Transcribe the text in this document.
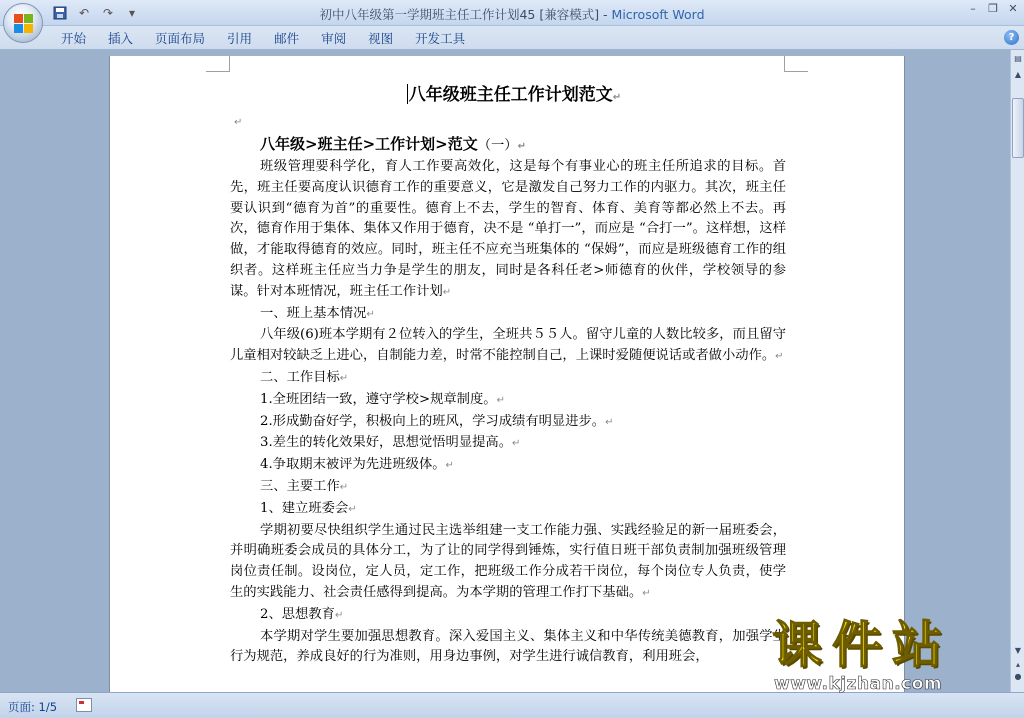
↶	↷	▾	初中八年级第一学期班主任工作计划45 [兼容模式] - Microsoft Word	–	❐ ✕
开始	插入	页面布局	引用	邮件	审阅	视图	开发工具	?
八年级班主任工作计划范文↵
↵
八年级>班主任>工作计划>范文（一）↵
班级管理要科学化，育人工作要高效化，这是每个有事业心的班主任所追求的目标。首先，班主任要高度认识德育工作的重要意义，它是激发自己努力工作的内驱力。其次，班主任要认识到“德育为首”的重要性。德育上不去，学生的智育、体育、美育等都必然上不去。再次，德育作用于集体、集体又作用于德育，决不是 “单打一”，而应是 “合打一”。这样想，这样做，才能取得德育的效应。同时，班主任不应充当班集体的 “保姆”，而应是班级德育工作的组织者。这样班主任应当力争是学生的朋友，同时是各科任老>师德育的伙伴，学校领导的参谋。针对本班情况，班主任工作计划↵
一、班上基本情况↵
八年级(6)班本学期有２位转入的学生，全班共５５人。留守儿童的人数比较多，而且留守儿童相对较缺乏上进心，自制能力差，时常不能控制自己，上课时爱随便说话或者做小动作。↵
二、工作目标↵
1.全班团结一致，遵守学校>规章制度。↵
2.形成勤奋好学，积极向上的班风，学习成绩有明显进步。↵
3.差生的转化效果好，思想觉悟明显提高。↵
4.争取期末被评为先进班级体。↵
三、主要工作↵
1、建立班委会↵
学期初要尽快组织学生通过民主选举组建一支工作能力强、实践经验足的新一届班委会，并明确班委会成员的具体分工，为了让的同学得到锤炼，实行值日班干部负责制加强班级管理岗位责任制。设岗位，定人员，定工作，把班级工作分成若干岗位，每个岗位专人负责，使学生的实践能力、社会责任感得到提高。为本学期的管理工作打下基础。↵
2、思想教育↵
本学期对学生要加强思想教育。深入爱国主义、集体主义和中华传统美德教育，加强学生行为规范，养成良好的行为准则，用身边事例，对学生进行诚信教育，利用班会，
▤
▲
▼
▴
●
页面: 1/5
课件站
www.kjzhan.com
